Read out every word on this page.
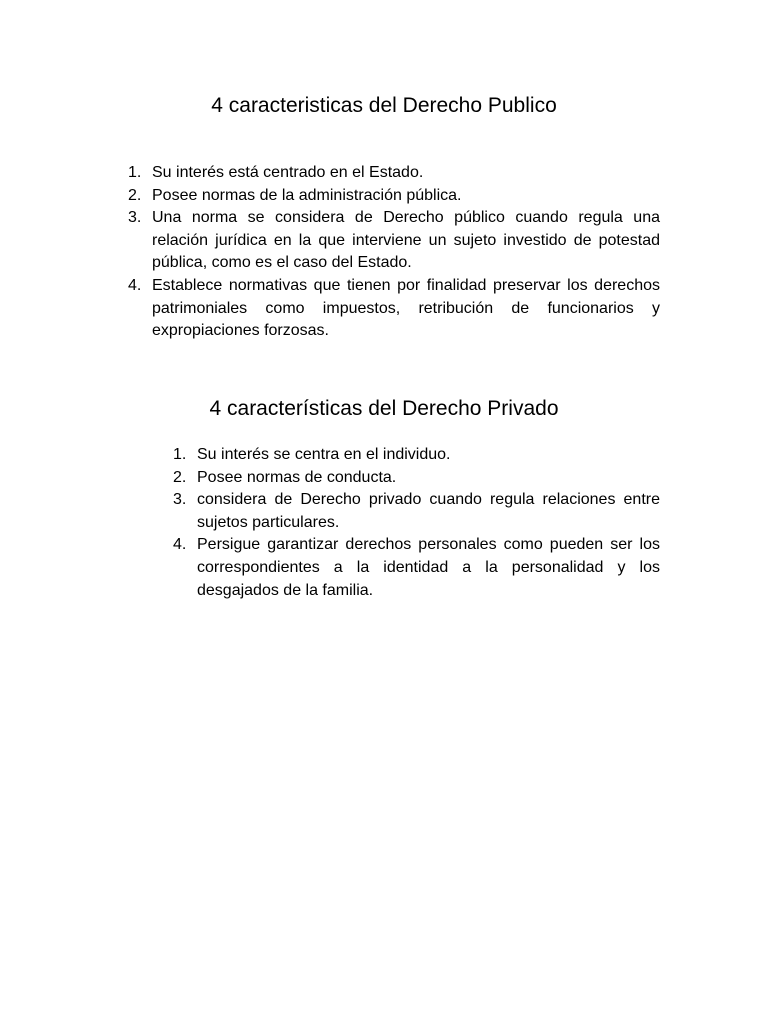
4 caracteristicas del Derecho Publico
1. Su interés está centrado en el Estado.
2. Posee normas de la administración pública.
3. Una norma se considera de Derecho público cuando regula una relación jurídica en la que interviene un sujeto investido de potestad pública, como es el caso del Estado.
4. Establece normativas que tienen por finalidad preservar los derechos patrimoniales como impuestos, retribución de funcionarios y expropiaciones forzosas.
4 características del Derecho Privado
1. Su interés se centra en el individuo.
2. Posee normas de conducta.
3. considera de Derecho privado cuando regula relaciones entre sujetos particulares.
4. Persigue garantizar derechos personales como pueden ser los correspondientes a la identidad a la personalidad y los desgajados de la familia.
